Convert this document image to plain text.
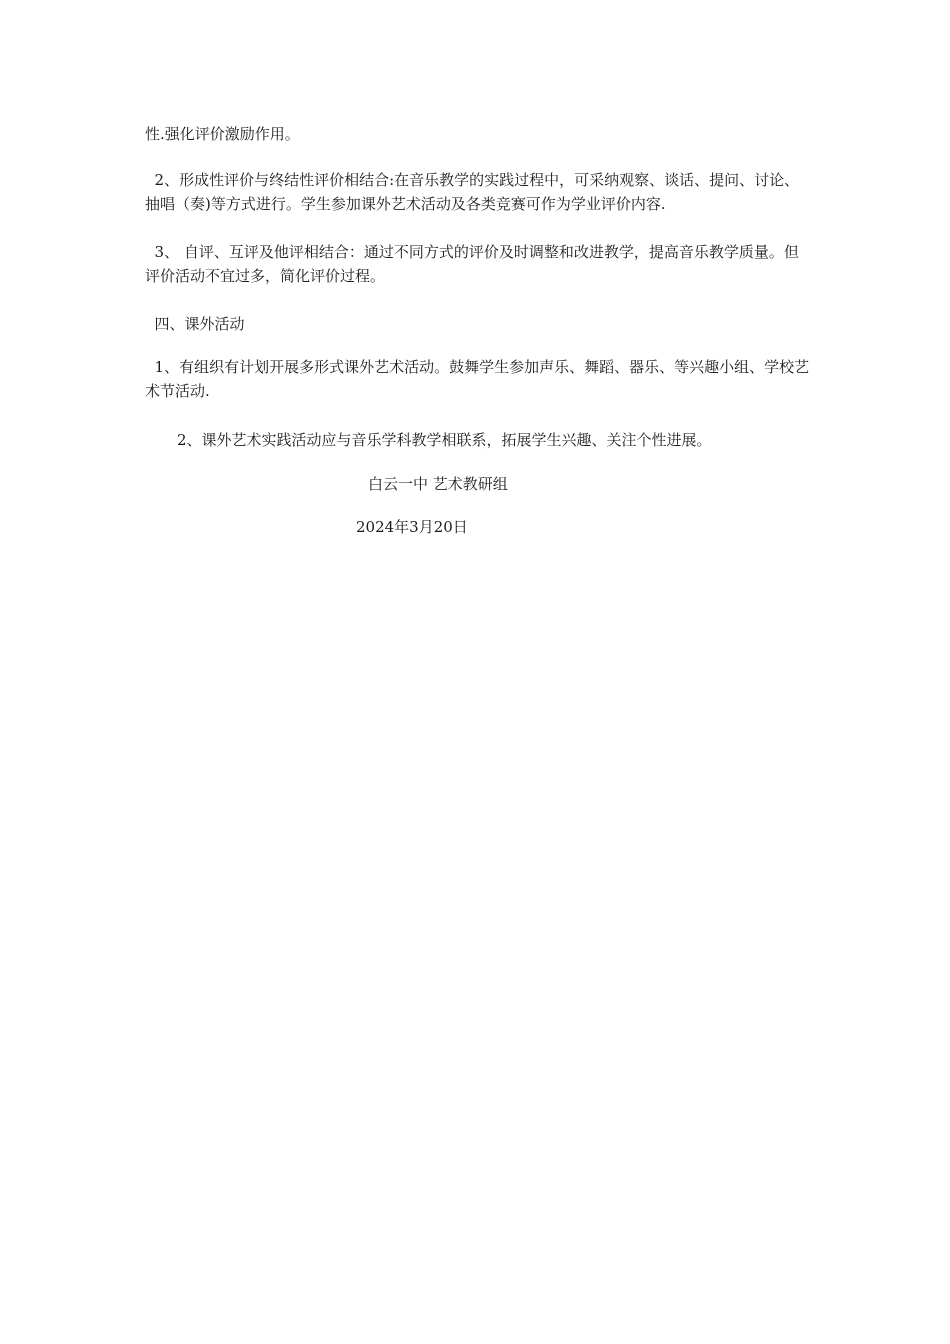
性.强化评价激励作用。
2、形成性评价与终结性评价相结合:在音乐教学的实践过程中，可采纳观察、谈话、提问、讨论、抽唱（奏)等方式进行。学生参加课外艺术活动及各类竞赛可作为学业评价内容.
3、 自评、互评及他评相结合：通过不同方式的评价及时调整和改进教学，提高音乐教学质量。但评价活动不宜过多，简化评价过程。
四、课外活动
1、有组织有计划开展多形式课外艺术活动。鼓舞学生参加声乐、舞蹈、器乐、等兴趣小组、学校艺术节活动.
2、课外艺术实践活动应与音乐学科教学相联系，拓展学生兴趣、关注个性进展。
白云一中 艺术教研组
2024年3月20日
